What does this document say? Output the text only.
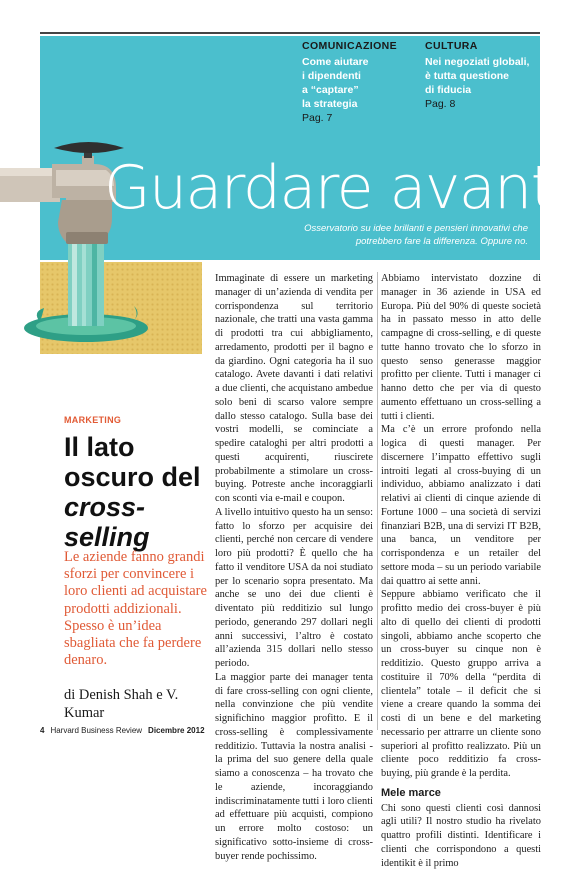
COMUNICAZIONE
Come aiutare
i dipendenti
a “captare”
la strategia
Pag. 7
CULTURA
Nei negoziati globali,
è tutta questione
di fiducia
Pag. 8
Guardare avanti
Osservatorio su idee brillanti e pensieri innovativi che potrebbero fare la differenza. Oppure no.
MARKETING
Il lato oscuro del cross-selling
Le aziende fanno grandi sforzi per convincere i loro clienti ad acquistare prodotti addizionali. Spesso è un’idea sbagliata che fa perdere denaro.
di Denish Shah e V. Kumar

Immaginate di essere un marketing manager di un’azienda di vendita per corrispondenza sul territorio nazionale, che tratti una vasta gamma di prodotti tra cui abbigliamento, arredamento, prodotti per il bagno e da giardino. Ogni categoria ha il suo catalogo. Avete davanti i dati relativi a due clienti, che acquistano ambedue solo beni di scarso valore sempre dallo stesso catalogo. Sulla base dei vostri modelli, se cominciate a spedire cataloghi per altri prodotti a questi acquirenti, riuscirete probabilmente a stimolare un cross-buying. Potreste anche incoraggiarli con sconti via e-mail e coupon.

A livello intuitivo questo ha un senso: fatto lo sforzo per acquisire dei clienti, perché non cercare di vendere loro più prodotti? È quello che ha fatto il venditore USA da noi studiato per lo scenario sopra presentato. Ma anche se uno dei due clienti è diventato più redditizio sul lungo periodo, generando 297 dollari negli anni successivi, l’altro è costato all’azienda 315 dollari nello stesso periodo.

La maggior parte dei manager tenta di fare cross-selling con ogni cliente, nella convinzione che più vendite significhino maggior profitto. E il cross-selling è complessivamente redditizio. Tuttavia la nostra analisi - la prima del suo genere della quale siamo a conoscenza – ha trovato che le aziende, incoraggiando indiscriminatamente tutti i loro clienti ad effettuare più acquisti, compiono un errore molto costoso: un significativo sotto-insieme di cross-buyer rende pochissimo.

Abbiamo intervistato dozzine di manager in 36 aziende in USA ed Europa. Più del 90% di queste società ha in passato messo in atto delle campagne di cross-selling, e di queste tutte hanno trovato che lo sforzo in questo senso generasse maggior profitto per cliente. Tutti i manager ci hanno detto che per via di questo aumento effettuano un cross-selling a tutti i clienti.

Ma c’è un errore profondo nella logica di questi manager. Per discernere l’impatto effettivo sugli introiti legati al cross-buying di un individuo, abbiamo analizzato i dati relativi ai clienti di cinque aziende di Fortune 1000 – una società di servizi finanziari B2B, una di servizi IT B2B, una banca, un venditore per corrispondenza e un retailer del settore moda – su un periodo variabile dai quattro ai sette anni.

Seppure abbiamo verificato che il profitto medio dei cross-buyer è più alto di quello dei clienti di prodotti singoli, abbiamo anche scoperto che un cross-buyer su cinque non è redditizio. Questo gruppo arriva a costituire il 70% della “perdita di clientela” totale – il deficit che si viene a creare quando la somma dei costi di un bene e del marketing necessario per attrarre un cliente sono superiori al profitto realizzato. Più un cliente poco redditizio fa cross-buying, più grande è la perdita.

Mele marce

Chi sono questi clienti così dannosi agli utili? Il nostro studio ha rivelato quattro profili distinti. Identificare i clienti che corrispondono a questi identikit è il primo

4 Harvard Business Review Dicembre 2012
